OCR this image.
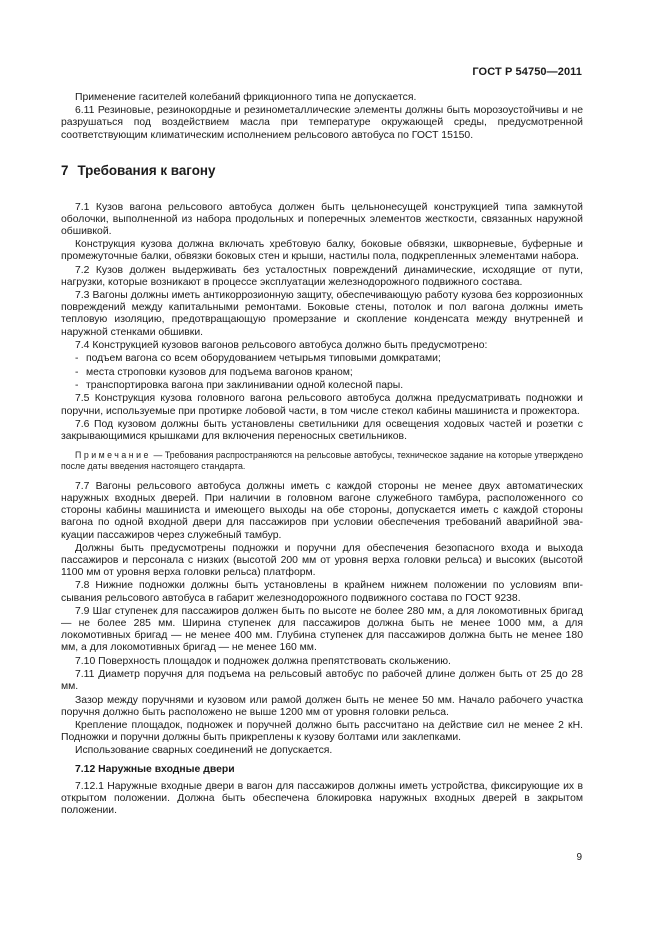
ГОСТ Р 54750—2011

Применение гасителей колебаний фрикционного типа не допускается.

6.11 Резиновые, резинокордные и резинометаллические элементы должны быть морозоустойчивы и не разрушаться под воздействием масла при температуре окружающей среды, предусмотренной соответствующим климатическим исполнением рельсового автобуса по ГОСТ 15150.

7 Требования к вагону

7.1 Кузов вагона рельсового автобуса должен быть цельнонесущей конструкцией типа замкнутой оболочки, выполненной из набора продольных и поперечных элементов жесткости, связанных наружной обшивкой.

Конструкция кузова должна включать хребтовую балку, боковые обвязки, шкворневые, буферные и промежуточные балки, обвязки боковых стен и крыши, настилы пола, подкрепленных элементами набора.

7.2 Кузов должен выдерживать без усталостных повреждений динамические, исходящие от пути, нагрузки, которые возникают в процессе эксплуатации железнодорожного подвижного состава.

7.3 Вагоны должны иметь антикоррозионную защиту, обеспечивающую работу кузова без коррозионных повреждений между капитальными ремонтами. Боковые стены, потолок и пол вагона должны иметь тепловую изоляцию, предотвращающую промерзание и скопление конденсата между внутренней и наружной стенками обшивки.

7.4 Конструкцией кузовов вагонов рельсового автобуса должно быть предусмотрено:

- подъем вагона со всем оборудованием четырьмя типовыми домкратами;
- места строповки кузовов для подъема вагонов краном;
- транспортировка вагона при заклинивании одной колесной пары.

7.5 Конструкция кузова головного вагона рельсового автобуса должна предусматривать подножки и поручни, используемые при протирке лобовой части, в том числе стекол кабины машиниста и прожектора.

7.6 Под кузовом должны быть установлены светильники для освещения ходовых частей и розетки с закрывающимися крышками для включения переносных светильников.

Примечание — Требования распространяются на рельсовые автобусы, техническое задание на которые утверждено после даты введения настоящего стандарта.

7.7 Вагоны рельсового автобуса должны иметь с каждой стороны не менее двух автоматических наружных входных дверей. При наличии в головном вагоне служебного тамбура, расположенного со стороны кабины машиниста и имеющего выходы на обе стороны, допускается иметь с каждой стороны вагона по одной входной двери для пассажиров при условии обеспечения требований аварийной эвакуации пассажиров через служебный тамбур.

Должны быть предусмотрены подножки и поручни для обеспечения безопасного входа и выхода пассажиров и персонала с низких (высотой 200 мм от уровня верха головки рельса) и высоких (высотой 1100 мм от уровня верха головки рельса) платформ.

7.8 Нижние подножки должны быть установлены в крайнем нижнем положении по условиям вписывания рельсового автобуса в габарит железнодорожного подвижного состава по ГОСТ 9238.

7.9 Шаг ступенек для пассажиров должен быть по высоте не более 280 мм, а для локомотивных бригад — не более 285 мм. Ширина ступенек для пассажиров должна быть не менее 1000 мм, а для локомотивных бригад — не менее 400 мм. Глубина ступенек для пассажиров должна быть не менее 180 мм, а для локомотивных бригад — не менее 160 мм.

7.10 Поверхность площадок и подножек должна препятствовать скольжению.

7.11 Диаметр поручня для подъема на рельсовый автобус по рабочей длине должен быть от 25 до 28 мм.

Зазор между поручнями и кузовом или рамой должен быть не менее 50 мм. Начало рабочего участка поручня должно быть расположено не выше 1200 мм от уровня головки рельса.

Крепление площадок, подножек и поручней должно быть рассчитано на действие сил не менее 2 кН. Подножки и поручни должны быть прикреплены к кузову болтами или заклепками.

Использование сварных соединений не допускается.

7.12 Наружные входные двери

7.12.1 Наружные входные двери в вагон для пассажиров должны иметь устройства, фиксирующие их в открытом положении. Должна быть обеспечена блокировка наружных входных дверей в закрытом положении.

9
